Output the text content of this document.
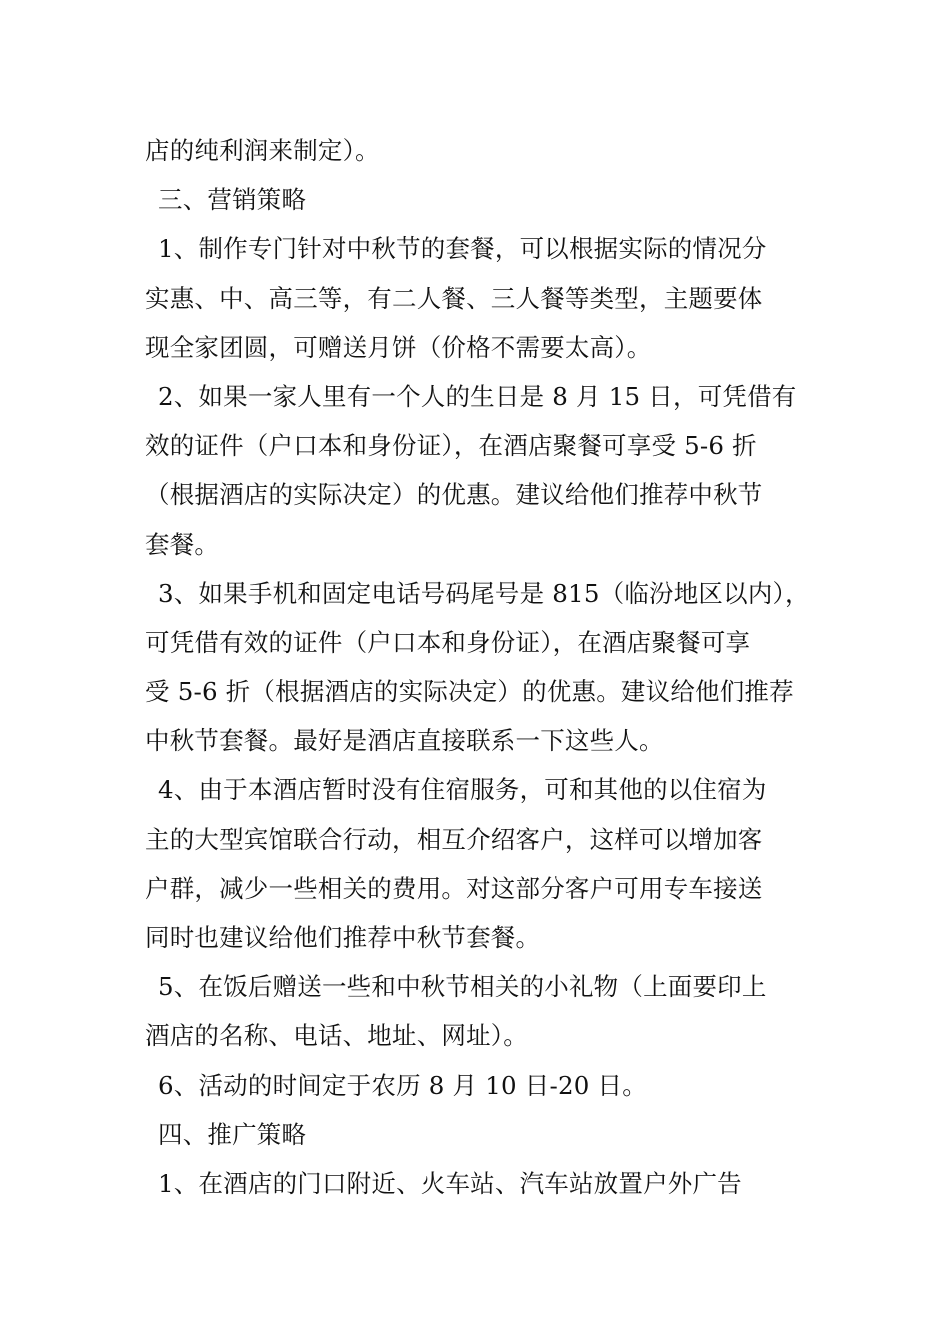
店的纯利润来制定）。
三、营销策略
1、制作专门针对中秋节的套餐，可以根据实际的情况分
实惠、中、高三等，有二人餐、三人餐等类型，主题要体
现全家团圆，可赠送月饼（价格不需要太高）。
2、如果一家人里有一个人的生日是 8 月 15 日，可凭借有
效的证件（户口本和身份证），在酒店聚餐可享受 5-6 折
（根据酒店的实际决定）的优惠。建议给他们推荐中秋节
套餐。
3、如果手机和固定电话号码尾号是 815（临汾地区以内），
可凭借有效的证件（户口本和身份证），在酒店聚餐可享
受 5-6 折（根据酒店的实际决定）的优惠。建议给他们推荐
中秋节套餐。最好是酒店直接联系一下这些人。
4、由于本酒店暂时没有住宿服务，可和其他的以住宿为
主的大型宾馆联合行动，相互介绍客户，这样可以增加客
户群，减少一些相关的费用。对这部分客户可用专车接送
同时也建议给他们推荐中秋节套餐。
5、在饭后赠送一些和中秋节相关的小礼物（上面要印上
酒店的名称、电话、地址、网址）。
6、活动的时间定于农历 8 月 10 日-20 日。
四、推广策略
1、在酒店的门口附近、火车站、汽车站放置户外广告
